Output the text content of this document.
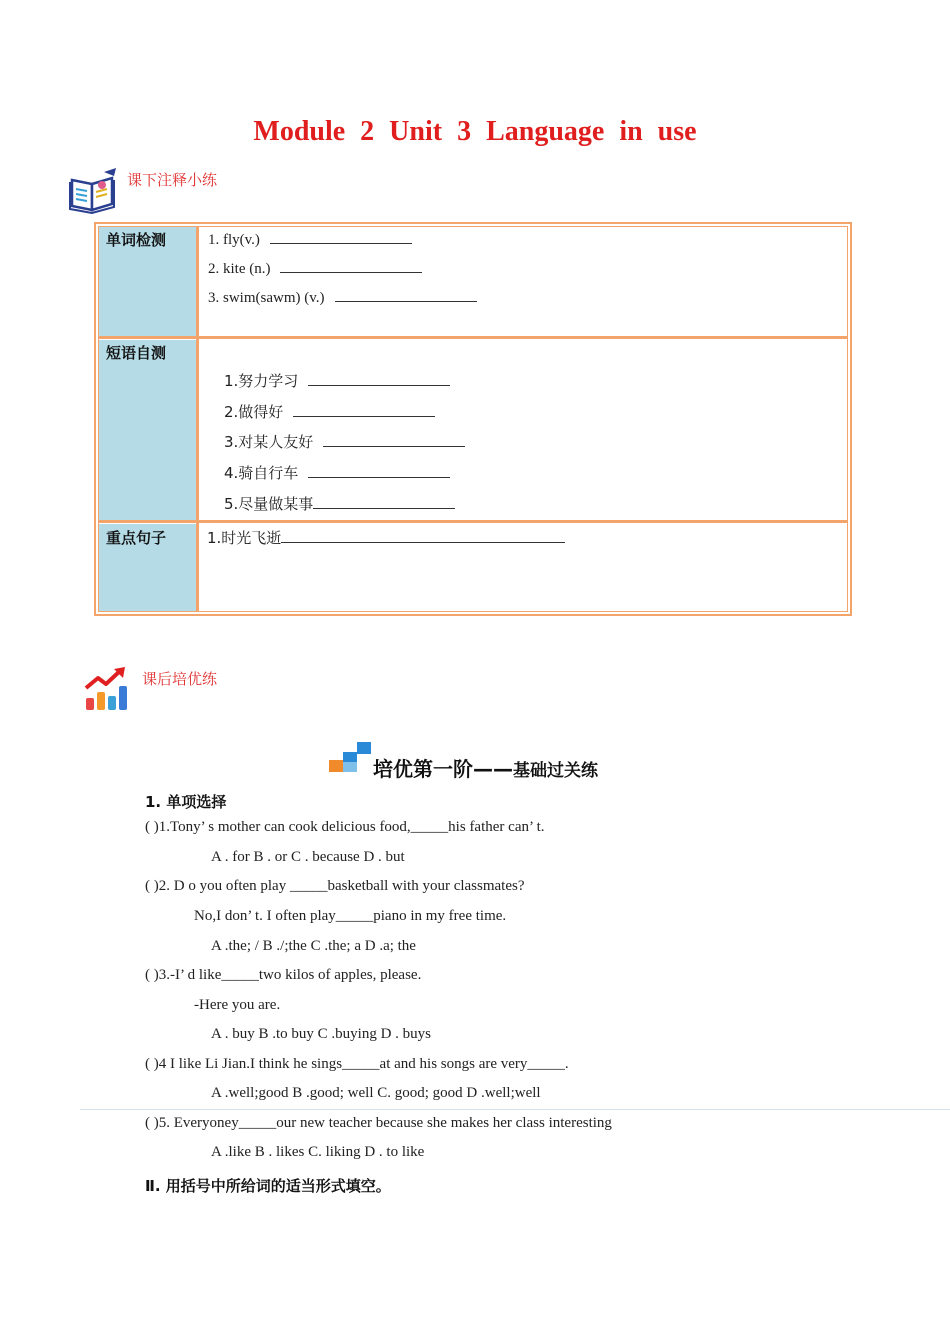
Module 2 Unit 3 Language in use
课下注释小练
单词检测
短语自测
重点句子
1. fly(v.)
2. kite (n.)
3. swim(sawm) (v.)
1.努力学习
2.做得好
3.对某人友好
4.骑自行车
5.尽量做某事
1.时光飞逝
课后培优练
培优第一阶——基础过关练
1. 单项选择
( )1.Tony’ s mother can cook delicious food,_____his father can’ t.
A . for B . or C . because D . but
( )2. D o you often play _____basketball with your classmates?
No,I don’ t. I often play_____piano in my free time.
A .the; / B ./;the C .the; a D .a; the
( )3.-I’ d like_____two kilos of apples, please.
-Here you are.
A . buy B .to buy C .buying D . buys
( )4 I like Li Jian.I think he sings_____at and his songs are very_____.
A .well;good B .good; well C. good; good D .well;well
( )5. Everyoney_____our new teacher because she makes her class interesting
A .like B . likes C. liking D . to like
Ⅱ. 用括号中所给词的适当形式填空。
